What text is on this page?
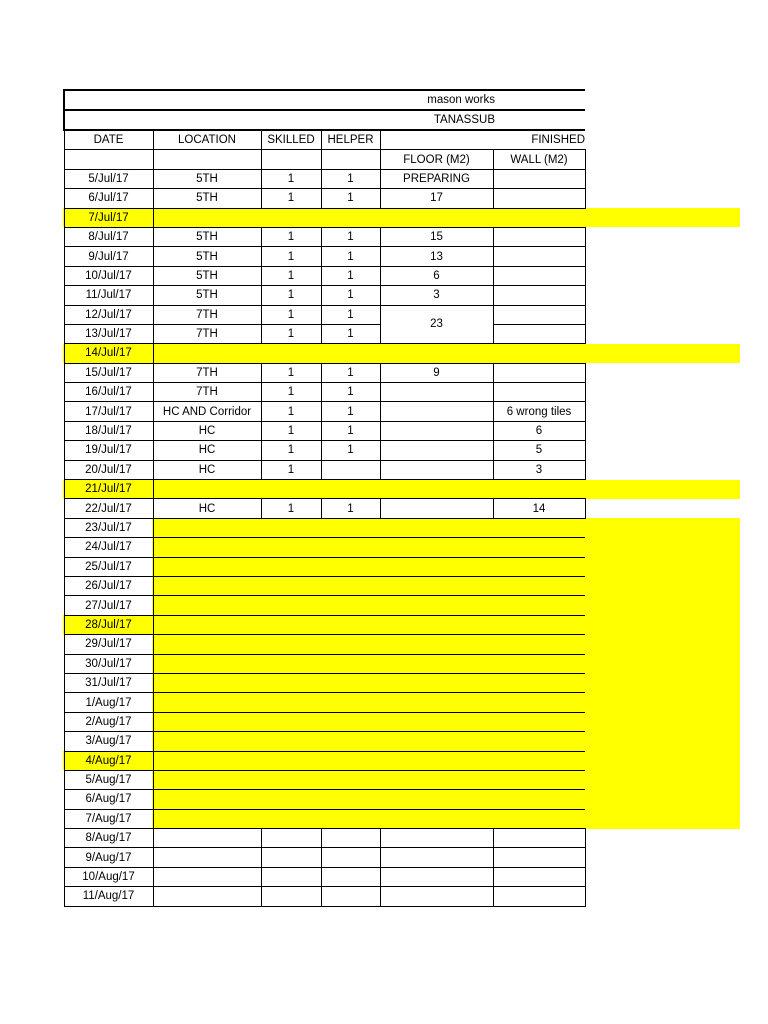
mason works					
TANASSUB					
DATE	LOCATION	SKILLED	HELPER	FINISHED	
				FLOOR (M2)	WALL (M2)
5/Jul/17	5TH	1	1	PREPARING	
6/Jul/17	5TH	1	1	17	
7/Jul/17					
8/Jul/17	5TH	1	1	15	
9/Jul/17	5TH	1	1	13	
10/Jul/17	5TH	1	1	6	
11/Jul/17	5TH	1	1	3	
12/Jul/17	7TH	1	1	23	
13/Jul/17	7TH	1	1		
14/Jul/17					
15/Jul/17	7TH	1	1	9	
16/Jul/17	7TH	1	1		
17/Jul/17	HC AND Corridor	1	1		6 wrong tiles
18/Jul/17	HC	1	1		6
19/Jul/17	HC	1	1		5
20/Jul/17	HC	1			3
21/Jul/17					
22/Jul/17	HC	1	1		14
23/Jul/17					
24/Jul/17					
25/Jul/17					
26/Jul/17					
27/Jul/17					
28/Jul/17					
29/Jul/17					
30/Jul/17					
31/Jul/17					
1/Aug/17					
2/Aug/17					
3/Aug/17					
4/Aug/17					
5/Aug/17					
6/Aug/17					
7/Aug/17					
8/Aug/17					
9/Aug/17					
10/Aug/17					
11/Aug/17					
